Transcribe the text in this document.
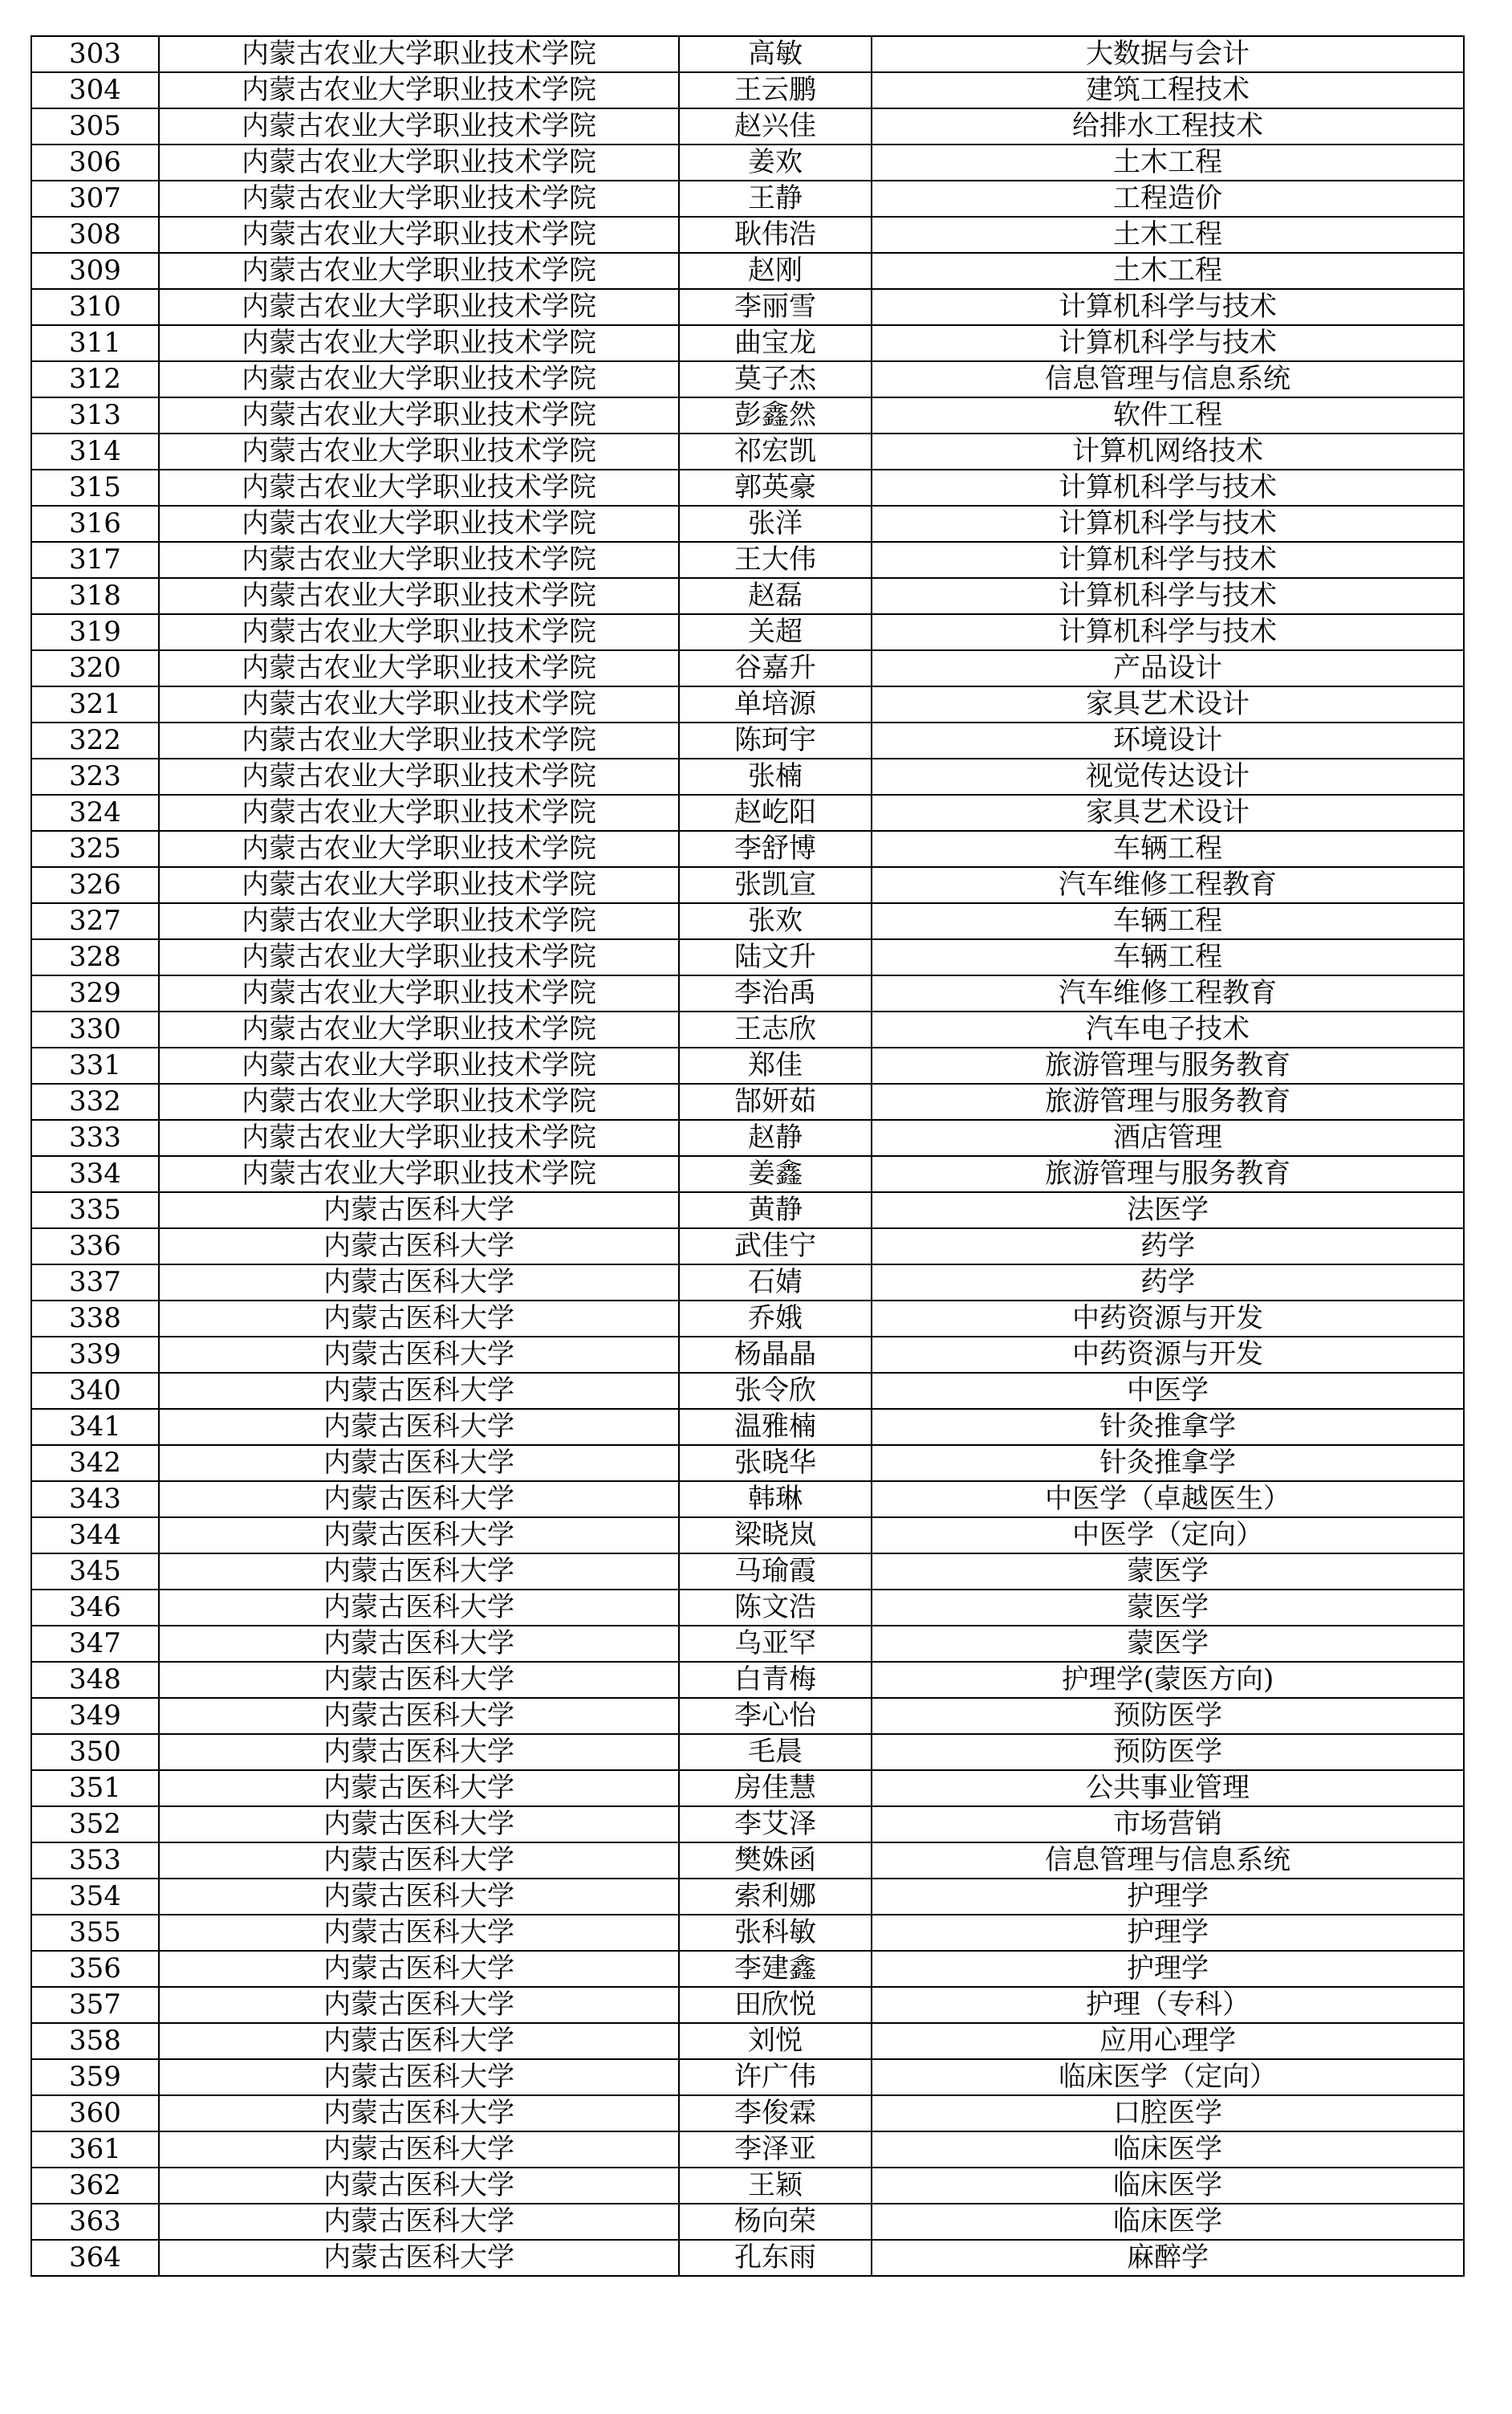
303	内蒙古农业大学职业技术学院	高敏	大数据与会计
304	内蒙古农业大学职业技术学院	王云鹏	建筑工程技术
305	内蒙古农业大学职业技术学院	赵兴佳	给排水工程技术
306	内蒙古农业大学职业技术学院	姜欢	土木工程
307	内蒙古农业大学职业技术学院	王静	工程造价
308	内蒙古农业大学职业技术学院	耿伟浩	土木工程
309	内蒙古农业大学职业技术学院	赵刚	土木工程
310	内蒙古农业大学职业技术学院	李丽雪	计算机科学与技术
311	内蒙古农业大学职业技术学院	曲宝龙	计算机科学与技术
312	内蒙古农业大学职业技术学院	莫子杰	信息管理与信息系统
313	内蒙古农业大学职业技术学院	彭鑫然	软件工程
314	内蒙古农业大学职业技术学院	祁宏凯	计算机网络技术
315	内蒙古农业大学职业技术学院	郭英豪	计算机科学与技术
316	内蒙古农业大学职业技术学院	张洋	计算机科学与技术
317	内蒙古农业大学职业技术学院	王大伟	计算机科学与技术
318	内蒙古农业大学职业技术学院	赵磊	计算机科学与技术
319	内蒙古农业大学职业技术学院	关超	计算机科学与技术
320	内蒙古农业大学职业技术学院	谷嘉升	产品设计
321	内蒙古农业大学职业技术学院	单培源	家具艺术设计
322	内蒙古农业大学职业技术学院	陈珂宇	环境设计
323	内蒙古农业大学职业技术学院	张楠	视觉传达设计
324	内蒙古农业大学职业技术学院	赵屹阳	家具艺术设计
325	内蒙古农业大学职业技术学院	李舒博	车辆工程
326	内蒙古农业大学职业技术学院	张凯宣	汽车维修工程教育
327	内蒙古农业大学职业技术学院	张欢	车辆工程
328	内蒙古农业大学职业技术学院	陆文升	车辆工程
329	内蒙古农业大学职业技术学院	李治禹	汽车维修工程教育
330	内蒙古农业大学职业技术学院	王志欣	汽车电子技术
331	内蒙古农业大学职业技术学院	郑佳	旅游管理与服务教育
332	内蒙古农业大学职业技术学院	郜妍茹	旅游管理与服务教育
333	内蒙古农业大学职业技术学院	赵静	酒店管理
334	内蒙古农业大学职业技术学院	姜鑫	旅游管理与服务教育
335	内蒙古医科大学	黄静	法医学
336	内蒙古医科大学	武佳宁	药学
337	内蒙古医科大学	石婧	药学
338	内蒙古医科大学	乔娥	中药资源与开发
339	内蒙古医科大学	杨晶晶	中药资源与开发
340	内蒙古医科大学	张令欣	中医学
341	内蒙古医科大学	温雅楠	针灸推拿学
342	内蒙古医科大学	张晓华	针灸推拿学
343	内蒙古医科大学	韩琳	中医学（卓越医生）
344	内蒙古医科大学	梁晓岚	中医学（定向）
345	内蒙古医科大学	马瑜霞	蒙医学
346	内蒙古医科大学	陈文浩	蒙医学
347	内蒙古医科大学	乌亚罕	蒙医学
348	内蒙古医科大学	白青梅	护理学(蒙医方向)
349	内蒙古医科大学	李心怡	预防医学
350	内蒙古医科大学	毛晨	预防医学
351	内蒙古医科大学	房佳慧	公共事业管理
352	内蒙古医科大学	李艾泽	市场营销
353	内蒙古医科大学	樊姝函	信息管理与信息系统
354	内蒙古医科大学	索利娜	护理学
355	内蒙古医科大学	张科敏	护理学
356	内蒙古医科大学	李建鑫	护理学
357	内蒙古医科大学	田欣悦	护理（专科）
358	内蒙古医科大学	刘悦	应用心理学
359	内蒙古医科大学	许广伟	临床医学（定向）
360	内蒙古医科大学	李俊霖	口腔医学
361	内蒙古医科大学	李泽亚	临床医学
362	内蒙古医科大学	王颖	临床医学
363	内蒙古医科大学	杨向荣	临床医学
364	内蒙古医科大学	孔东雨	麻醉学
